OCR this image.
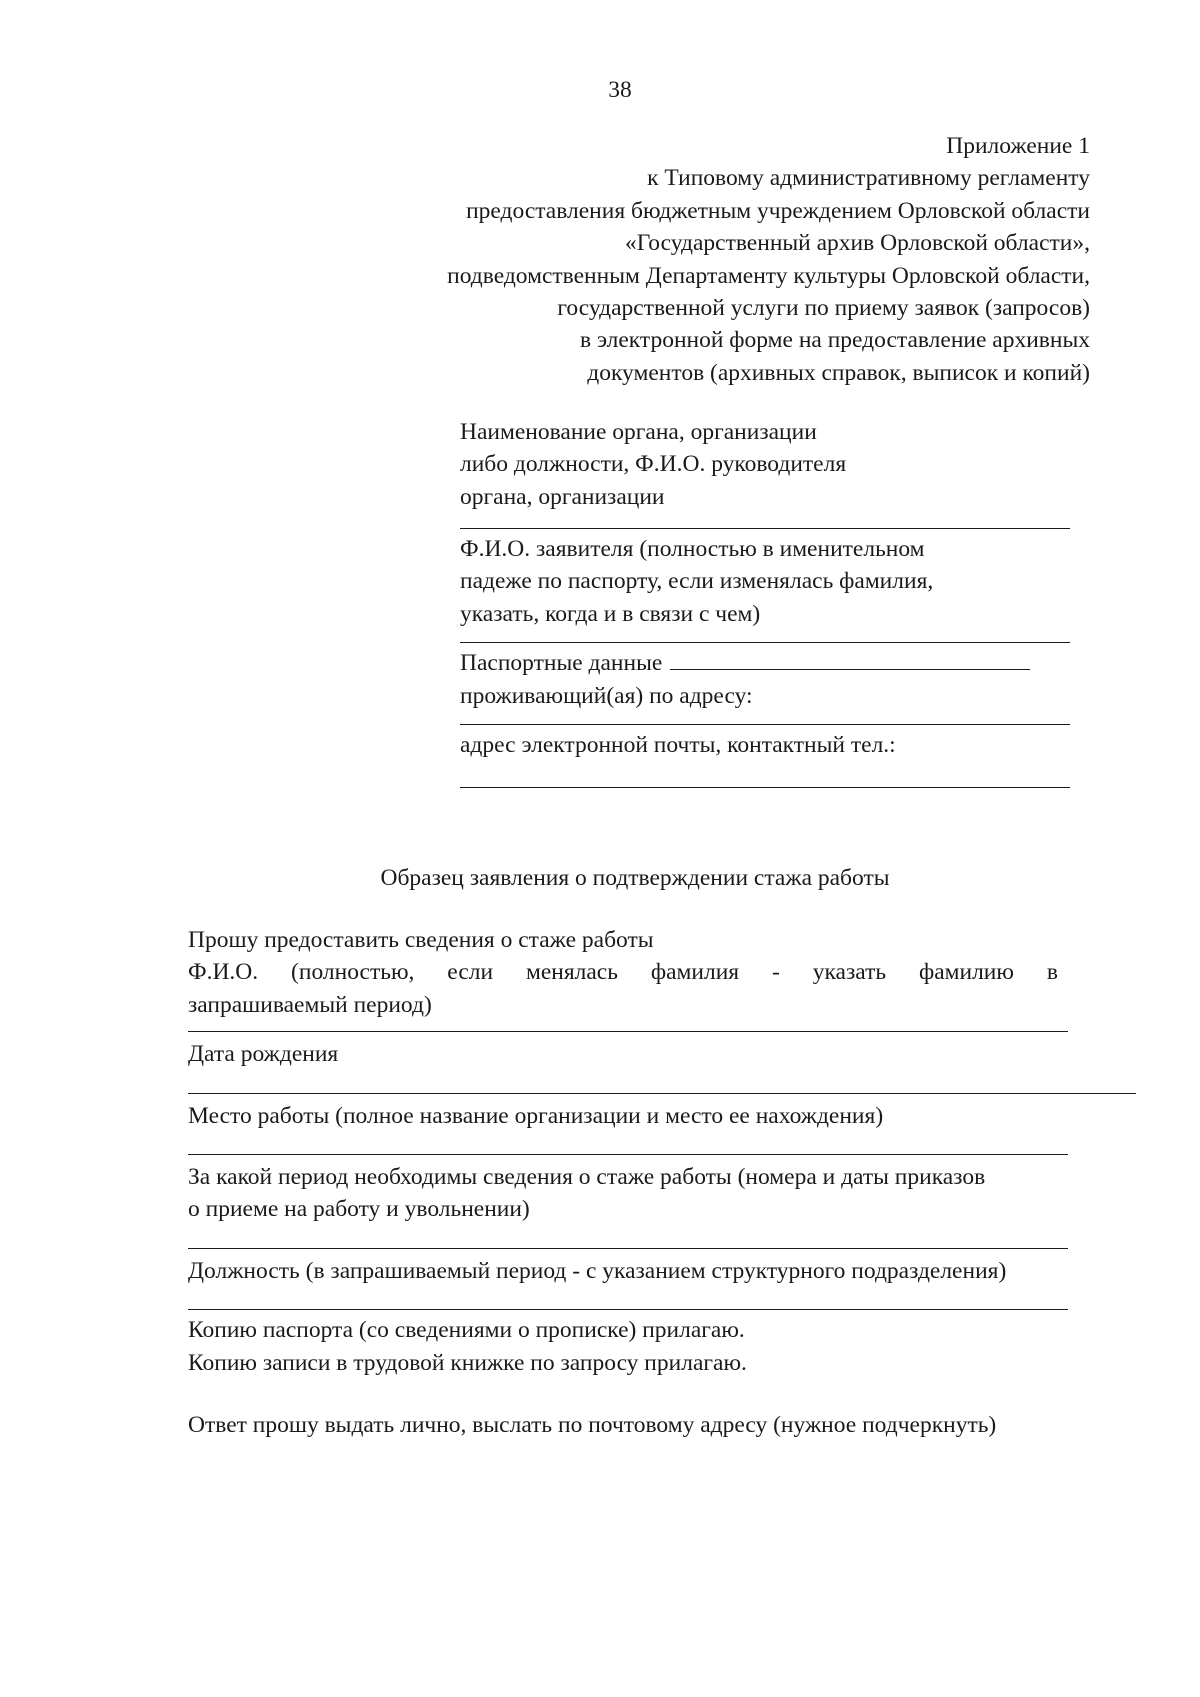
38
Приложение 1
к Типовому административному регламенту
предоставления бюджетным учреждением Орловской области
«Государственный архив Орловской области»,
подведомственным Департаменту культуры Орловской области,
государственной услуги по приему заявок (запросов)
в электронной форме на предоставление архивных
документов (архивных справок, выписок и копий)
Наименование органа, организации
либо должности, Ф.И.О. руководителя
органа, организации
Ф.И.О. заявителя (полностью в именительном
падеже по паспорту, если изменялась фамилия,
указать, когда и в связи с чем)
Паспортные данные
проживающий(ая) по адресу:
адрес электронной почты, контактный тел.:
Образец заявления о подтверждении стажа работы
Прошу предоставить сведения о стаже работы
Ф.И.О. (полностью, если менялась фамилия - указать фамилию в
запрашиваемый период)
Дата рождения
Место работы (полное название организации и место ее нахождения)
За какой период необходимы сведения о стаже работы (номера и даты приказов
о приеме на работу и увольнении)
Должность (в запрашиваемый период - с указанием структурного подразделения)
Копию паспорта (со сведениями о прописке) прилагаю.
Копию записи в трудовой книжке по запросу прилагаю.
Ответ прошу выдать лично, выслать по почтовому адресу (нужное подчеркнуть)
